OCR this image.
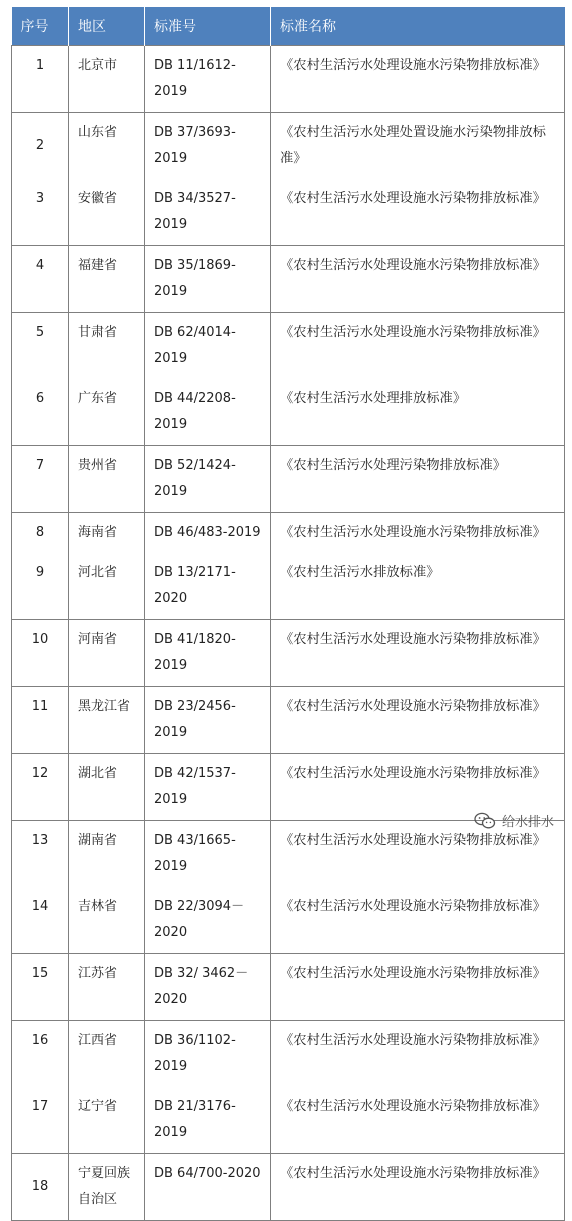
序号	地区	标准号	标准名称
1	北京市	DB 11/1612-2019	《农村生活污水处理设施水污染物排放标准》
2	山东省	DB 37/3693-2019	《农村生活污水处理处置设施水污染物排放标准》
3	安徽省	DB 34/3527-2019	《农村生活污水处理设施水污染物排放标准》
4	福建省	DB 35/1869-2019	《农村生活污水处理设施水污染物排放标准》
5	甘肃省	DB 62/4014-2019	《农村生活污水处理设施水污染物排放标准》
6	广东省	DB 44/2208-2019	《农村生活污水处理排放标准》
7	贵州省	DB 52/1424-2019	《农村生活污水处理污染物排放标准》
8	海南省	DB 46/483-2019	《农村生活污水处理设施水污染物排放标准》
9	河北省	DB 13/2171-2020	《农村生活污水排放标准》
10	河南省	DB 41/1820-2019	《农村生活污水处理设施水污染物排放标准》
11	黑龙江省	DB 23/2456-2019	《农村生活污水处理设施水污染物排放标准》
12	湖北省	DB 42/1537-2019	《农村生活污水处理设施水污染物排放标准》
13	湖南省	DB 43/1665-2019	《农村生活污水处理设施水污染物排放标准》
14	吉林省	DB 22/3094－2020	《农村生活污水处理设施水污染物排放标准》
15	江苏省	DB 32/ 3462－2020	《农村生活污水处理设施水污染物排放标准》
16	江西省	DB 36/1102-2019	《农村生活污水处理设施水污染物排放标准》
17	辽宁省	DB 21/3176-2019	《农村生活污水处理设施水污染物排放标准》
18	宁夏回族自治区	DB 64/700-2020	《农村生活污水处理设施水污染物排放标准》
给水排水
